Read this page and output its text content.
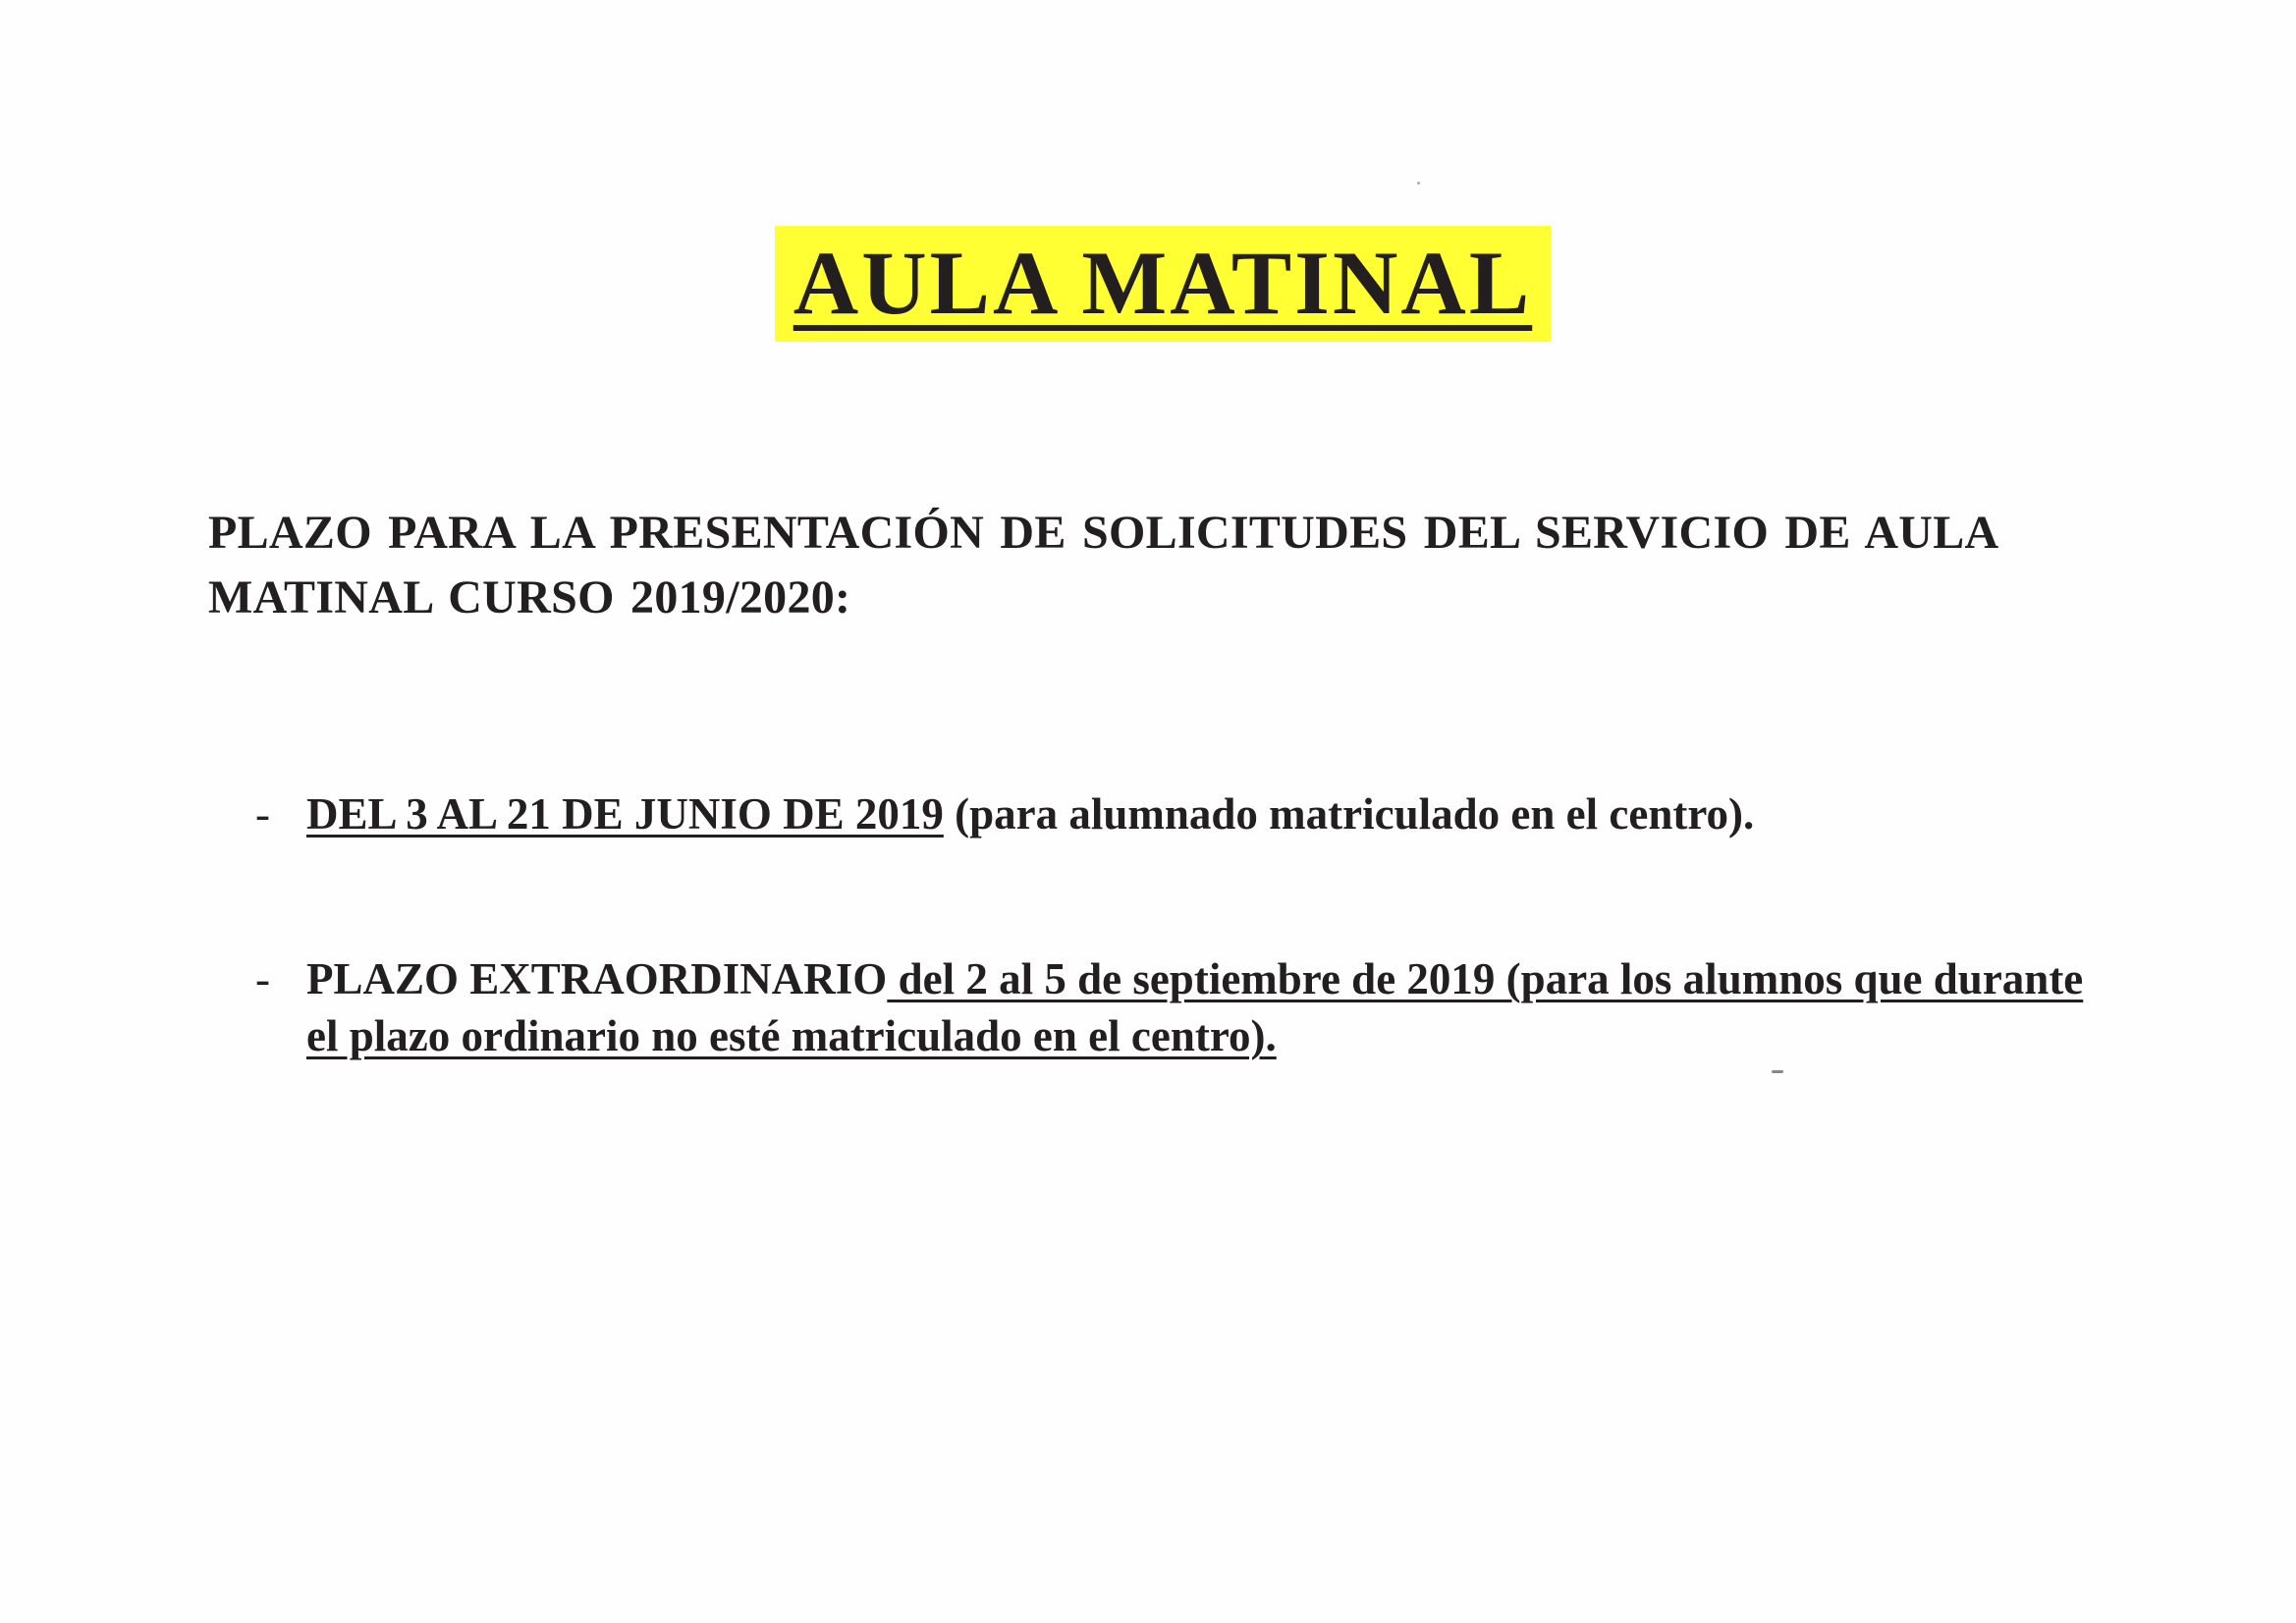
AULA MATINAL
PLAZO PARA LA PRESENTACIÓN DE SOLICITUDES DEL SERVICIO DE AULA MATINAL CURSO 2019/2020:
- DEL 3 AL 21 DE JUNIO DE 2019 (para alumnado matriculado en el centro).
- PLAZO EXTRAORDINARIO del 2 al 5 de septiembre de 2019 (para los alumnos que durante el plazo ordinario no esté matriculado en el centro).
